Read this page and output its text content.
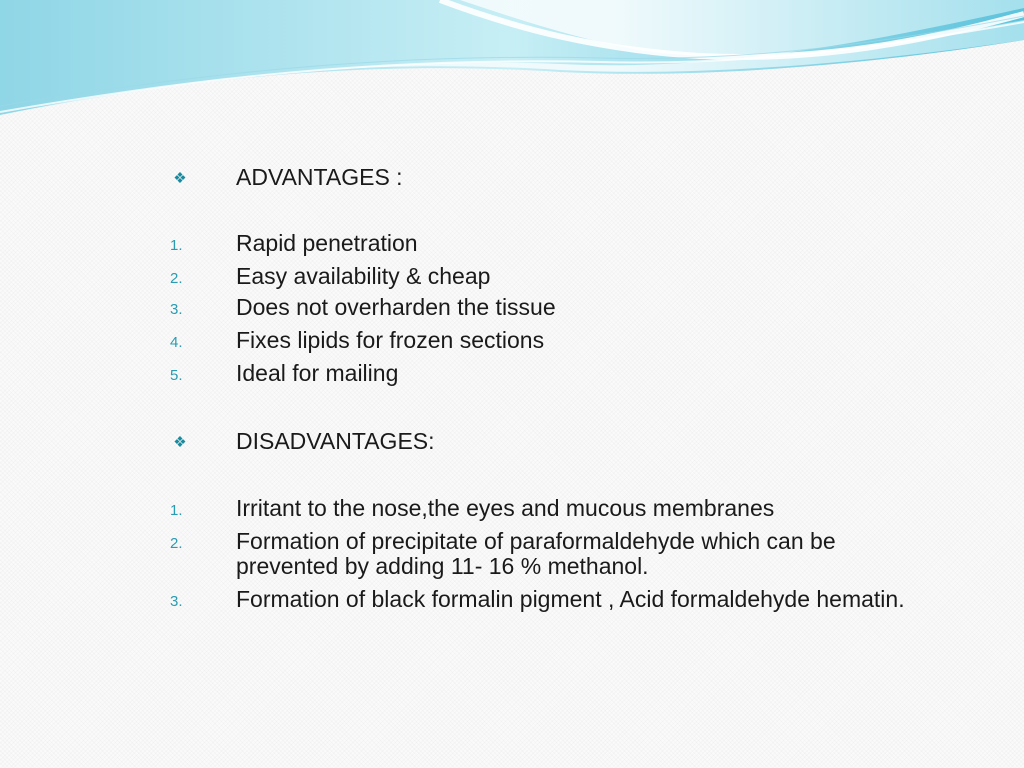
❖ ADVANTAGES :
1.	Rapid penetration
2.	Easy availability & cheap
3.	Does not overharden the tissue
4.	Fixes lipids for frozen sections
5.	Ideal for mailing
❖ DISADVANTAGES:
1.	Irritant to the nose,the eyes and mucous membranes
2.	Formation of precipitate of paraformaldehyde which can be prevented by adding 11- 16 % methanol.
3.	Formation of black formalin pigment , Acid formaldehyde hematin.
